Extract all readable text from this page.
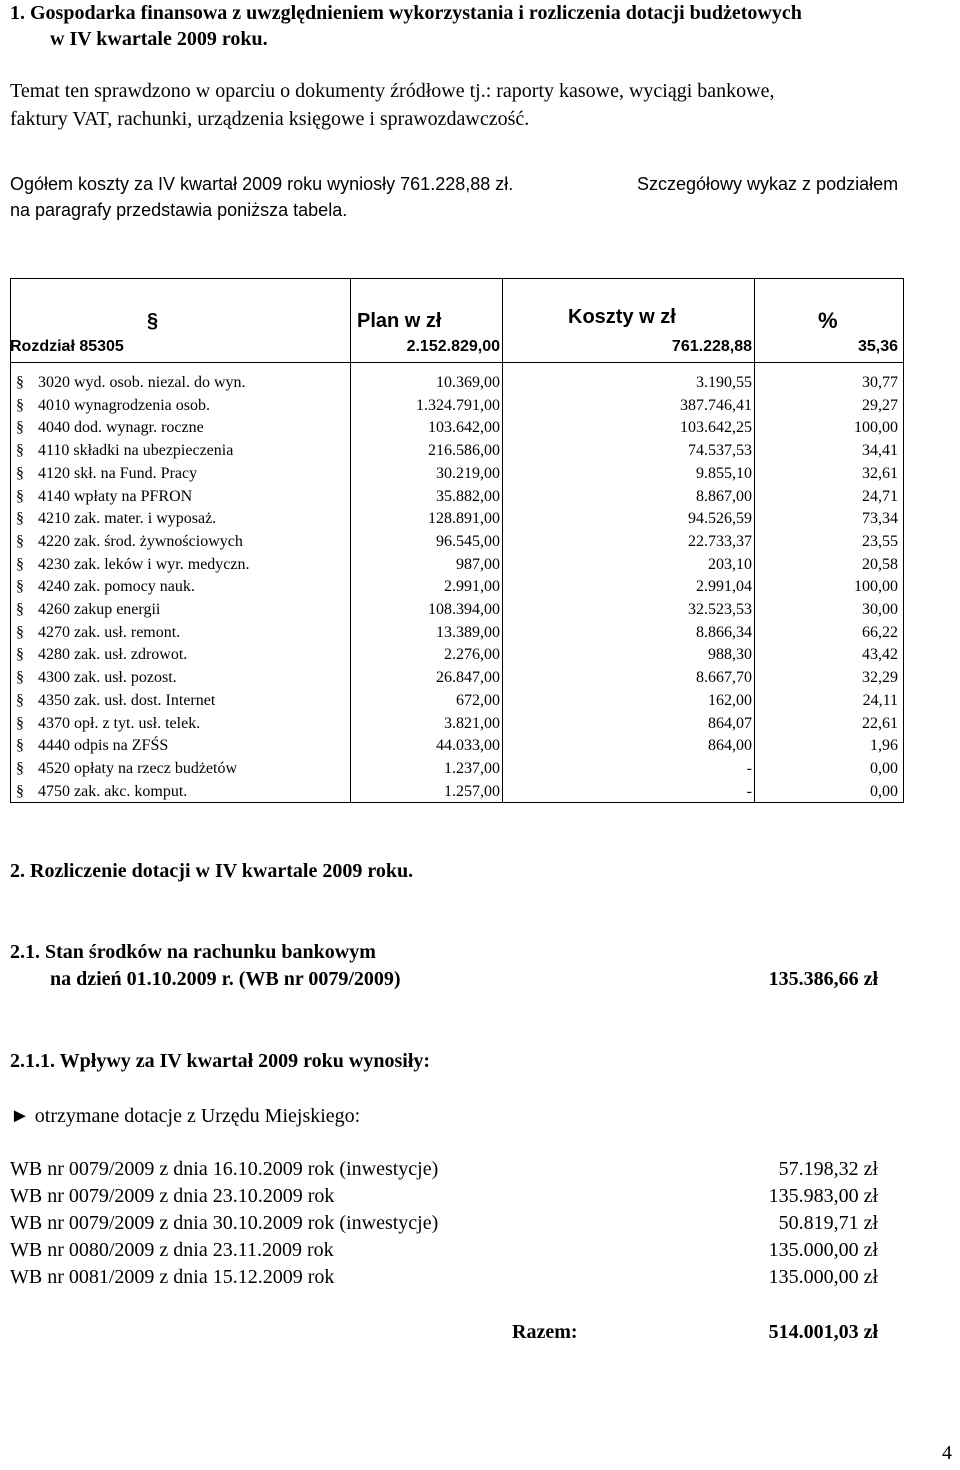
1. Gospodarka finansowa z uwzględnieniem wykorzystania i rozliczenia dotacji budżetowych
w IV kwartale 2009 roku.
Temat ten sprawdzono w oparciu o dokumenty źródłowe tj.: raporty kasowe, wyciągi bankowe,
faktury VAT, rachunki, urządzenia księgowe i sprawozdawczość.
Ogółem koszty za IV kwartał 2009 roku wyniosły 761.228,88 zł.	Szczegółowy wykaz z podziałem
na paragrafy przedstawia poniższa tabela.
§	Plan w zł	Koszty w zł	%
Rozdział 85305	2.152.829,00	761.228,88	35,36
§ 3020 wyd. osob. niezal. do wyn.	10.369,00	3.190,55	30,77
§ 4010 wynagrodzenia osob.	1.324.791,00	387.746,41	29,27
§ 4040 dod. wynagr. roczne	103.642,00	103.642,25	100,00
§ 4110 składki na ubezpieczenia	216.586,00	74.537,53	34,41
§ 4120 skł. na Fund. Pracy	30.219,00	9.855,10	32,61
§ 4140 wpłaty na PFRON	35.882,00	8.867,00	24,71
§ 4210 zak. mater. i wyposaż.	128.891,00	94.526,59	73,34
§ 4220 zak. środ. żywnościowych	96.545,00	22.733,37	23,55
§ 4230 zak. leków i wyr. medyczn.	987,00	203,10	20,58
§ 4240 zak. pomocy nauk.	2.991,00	2.991,04	100,00
§ 4260 zakup energii	108.394,00	32.523,53	30,00
§ 4270 zak. usł. remont.	13.389,00	8.866,34	66,22
§ 4280 zak. usł. zdrowot.	2.276,00	988,30	43,42
§ 4300 zak. usł. pozost.	26.847,00	8.667,70	32,29
§ 4350 zak. usł. dost. Internet	672,00	162,00	24,11
§ 4370 opł. z tyt. usł. telek.	3.821,00	864,07	22,61
§ 4440 odpis na ZFŚS	44.033,00	864,00	1,96
§ 4520 opłaty na rzecz budżetów	1.237,00	-	0,00
§ 4750 zak. akc. komput.	1.257,00	-	0,00
2. Rozliczenie dotacji w IV kwartale 2009 roku.
2.1. Stan środków na rachunku bankowym
na dzień 01.10.2009 r. (WB nr 0079/2009)	135.386,66 zł
2.1.1. Wpływy za IV kwartał 2009 roku wynosiły:
► otrzymane dotacje z Urzędu Miejskiego:
WB nr 0079/2009 z dnia 16.10.2009 rok (inwestycje)	57.198,32 zł
WB nr 0079/2009 z dnia 23.10.2009 rok	135.983,00 zł
WB nr 0079/2009 z dnia 30.10.2009 rok (inwestycje)	50.819,71 zł
WB nr 0080/2009 z dnia 23.11.2009 rok	135.000,00 zł
WB nr 0081/2009 z dnia 15.12.2009 rok	135.000,00 zł
Razem:	514.001,03 zł
4
